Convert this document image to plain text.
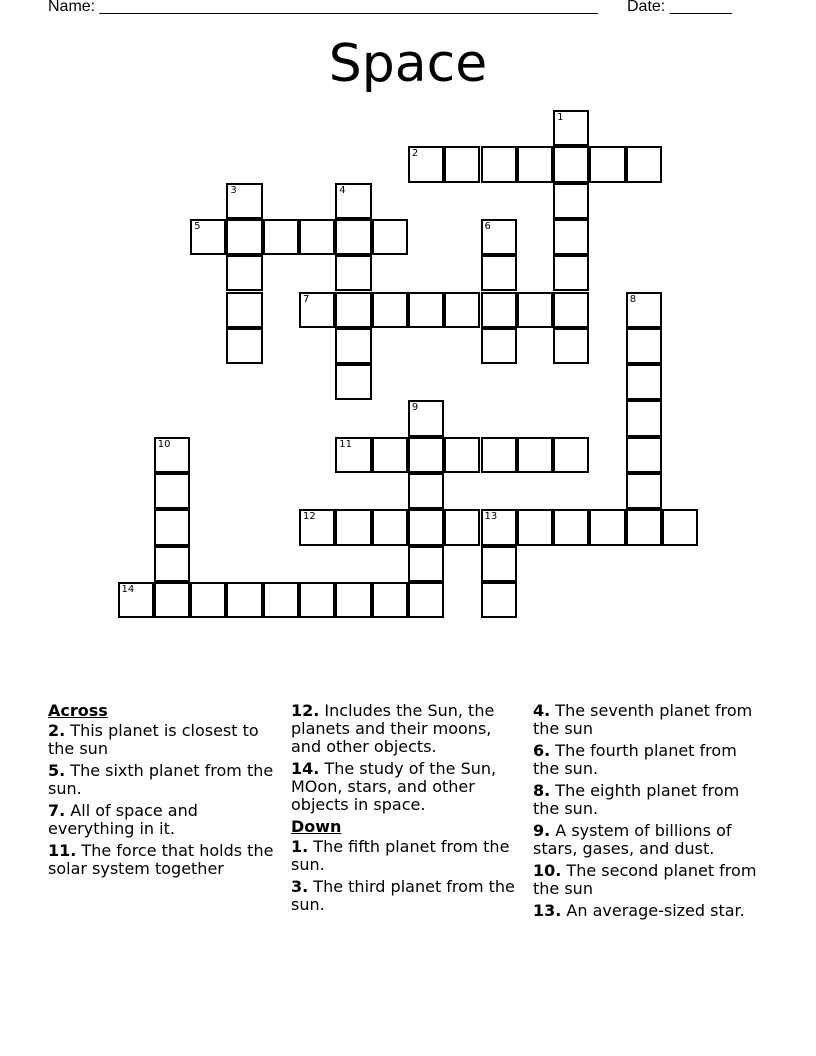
Name: ________________________________________________________ Date: _______
Space
1
2
3	4
5	6
7	8
9
10	11
12	13
14
Across
2. This planet is closest to the sun
5. The sixth planet from the sun.
7. All of space and everything in it.
11. The force that holds the solar system together
12. Includes the Sun, the planets and their moons, and other objects.
14. The study of the Sun, MOon, stars, and other objects in space.
Down
1. The fifth planet from the sun.
3. The third planet from the sun.
4. The seventh planet from the sun
6. The fourth planet from the sun.
8. The eighth planet from the sun.
9. A system of billions of stars, gases, and dust.
10. The second planet from the sun
13. An average-sized star.
